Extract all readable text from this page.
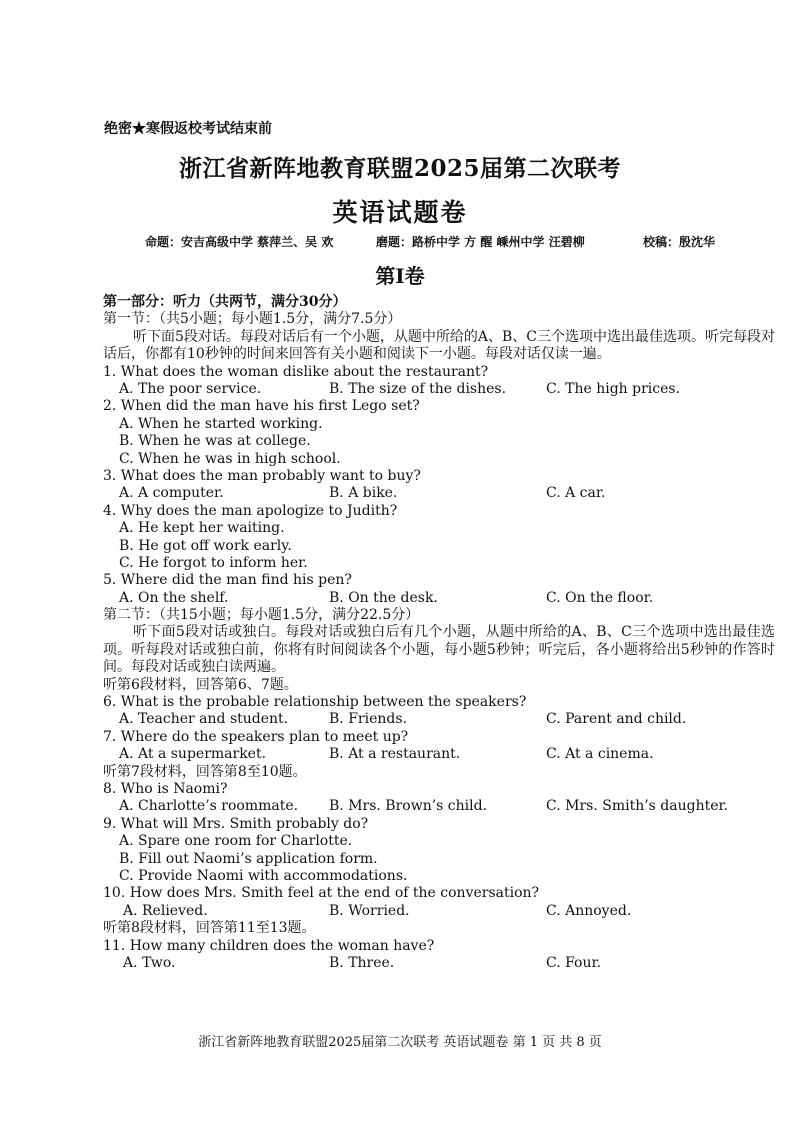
绝密★寒假返校考试结束前
浙江省新阵地教育联盟2025届第二次联考
英语试题卷
命题：安吉高级中学 蔡萍兰、吴 欢	磨题：路桥中学 方 醒 嵊州中学 汪碧柳	校稿：殷沈华
第Ⅰ卷
第一部分：听力（共两节，满分30分）
第一节：（共5小题；每小题1.5分，满分7.5分）
听下面5段对话。每段对话后有一个小题，从题中所给的A、B、C三个选项中选出最佳选项。听完每段对话后，你都有10秒钟的时间来回答有关小题和阅读下一小题。每段对话仅读一遍。
1. What does the woman dislike about the restaurant?
A. The poor service.	B. The size of the dishes.	C. The high prices.
2. When did the man have his first Lego set?
A. When he started working.
B. When he was at college.
C. When he was in high school.
3. What does the man probably want to buy?
A. A computer.	B. A bike.	C. A car.
4. Why does the man apologize to Judith?
A. He kept her waiting.
B. He got off work early.
C. He forgot to inform her.
5. Where did the man find his pen?
A. On the shelf.	B. On the desk.	C. On the floor.
第二节：（共15小题；每小题1.5分，满分22.5分）
听下面5段对话或独白。每段对话或独白后有几个小题，从题中所给的A、B、C三个选项中选出最佳选项。听每段对话或独白前，你将有时间阅读各个小题，每小题5秒钟；听完后，各小题将给出5秒钟的作答时间。每段对话或独白读两遍。
听第6段材料，回答第6、7题。
6. What is the probable relationship between the speakers?
A. Teacher and student.	B. Friends.	C. Parent and child.
7. Where do the speakers plan to meet up?
A. At a supermarket.	B. At a restaurant.	C. At a cinema.
听第7段材料，回答第8至10题。
8. Who is Naomi?
A. Charlotte’s roommate. B. Mrs. Brown’s child.	C. Mrs. Smith’s daughter.
9. What will Mrs. Smith probably do?
A. Spare one room for Charlotte.
B. Fill out Naomi’s application form.
C. Provide Naomi with accommodations.
10. How does Mrs. Smith feel at the end of the conversation?
A. Relieved.	B. Worried.	C. Annoyed.
听第8段材料，回答第11至13题。
11. How many children does the woman have?
A. Two.	B. Three.	C. Four.
浙江省新阵地教育联盟2025届第二次联考 英语试题卷 第 1 页 共 8 页
